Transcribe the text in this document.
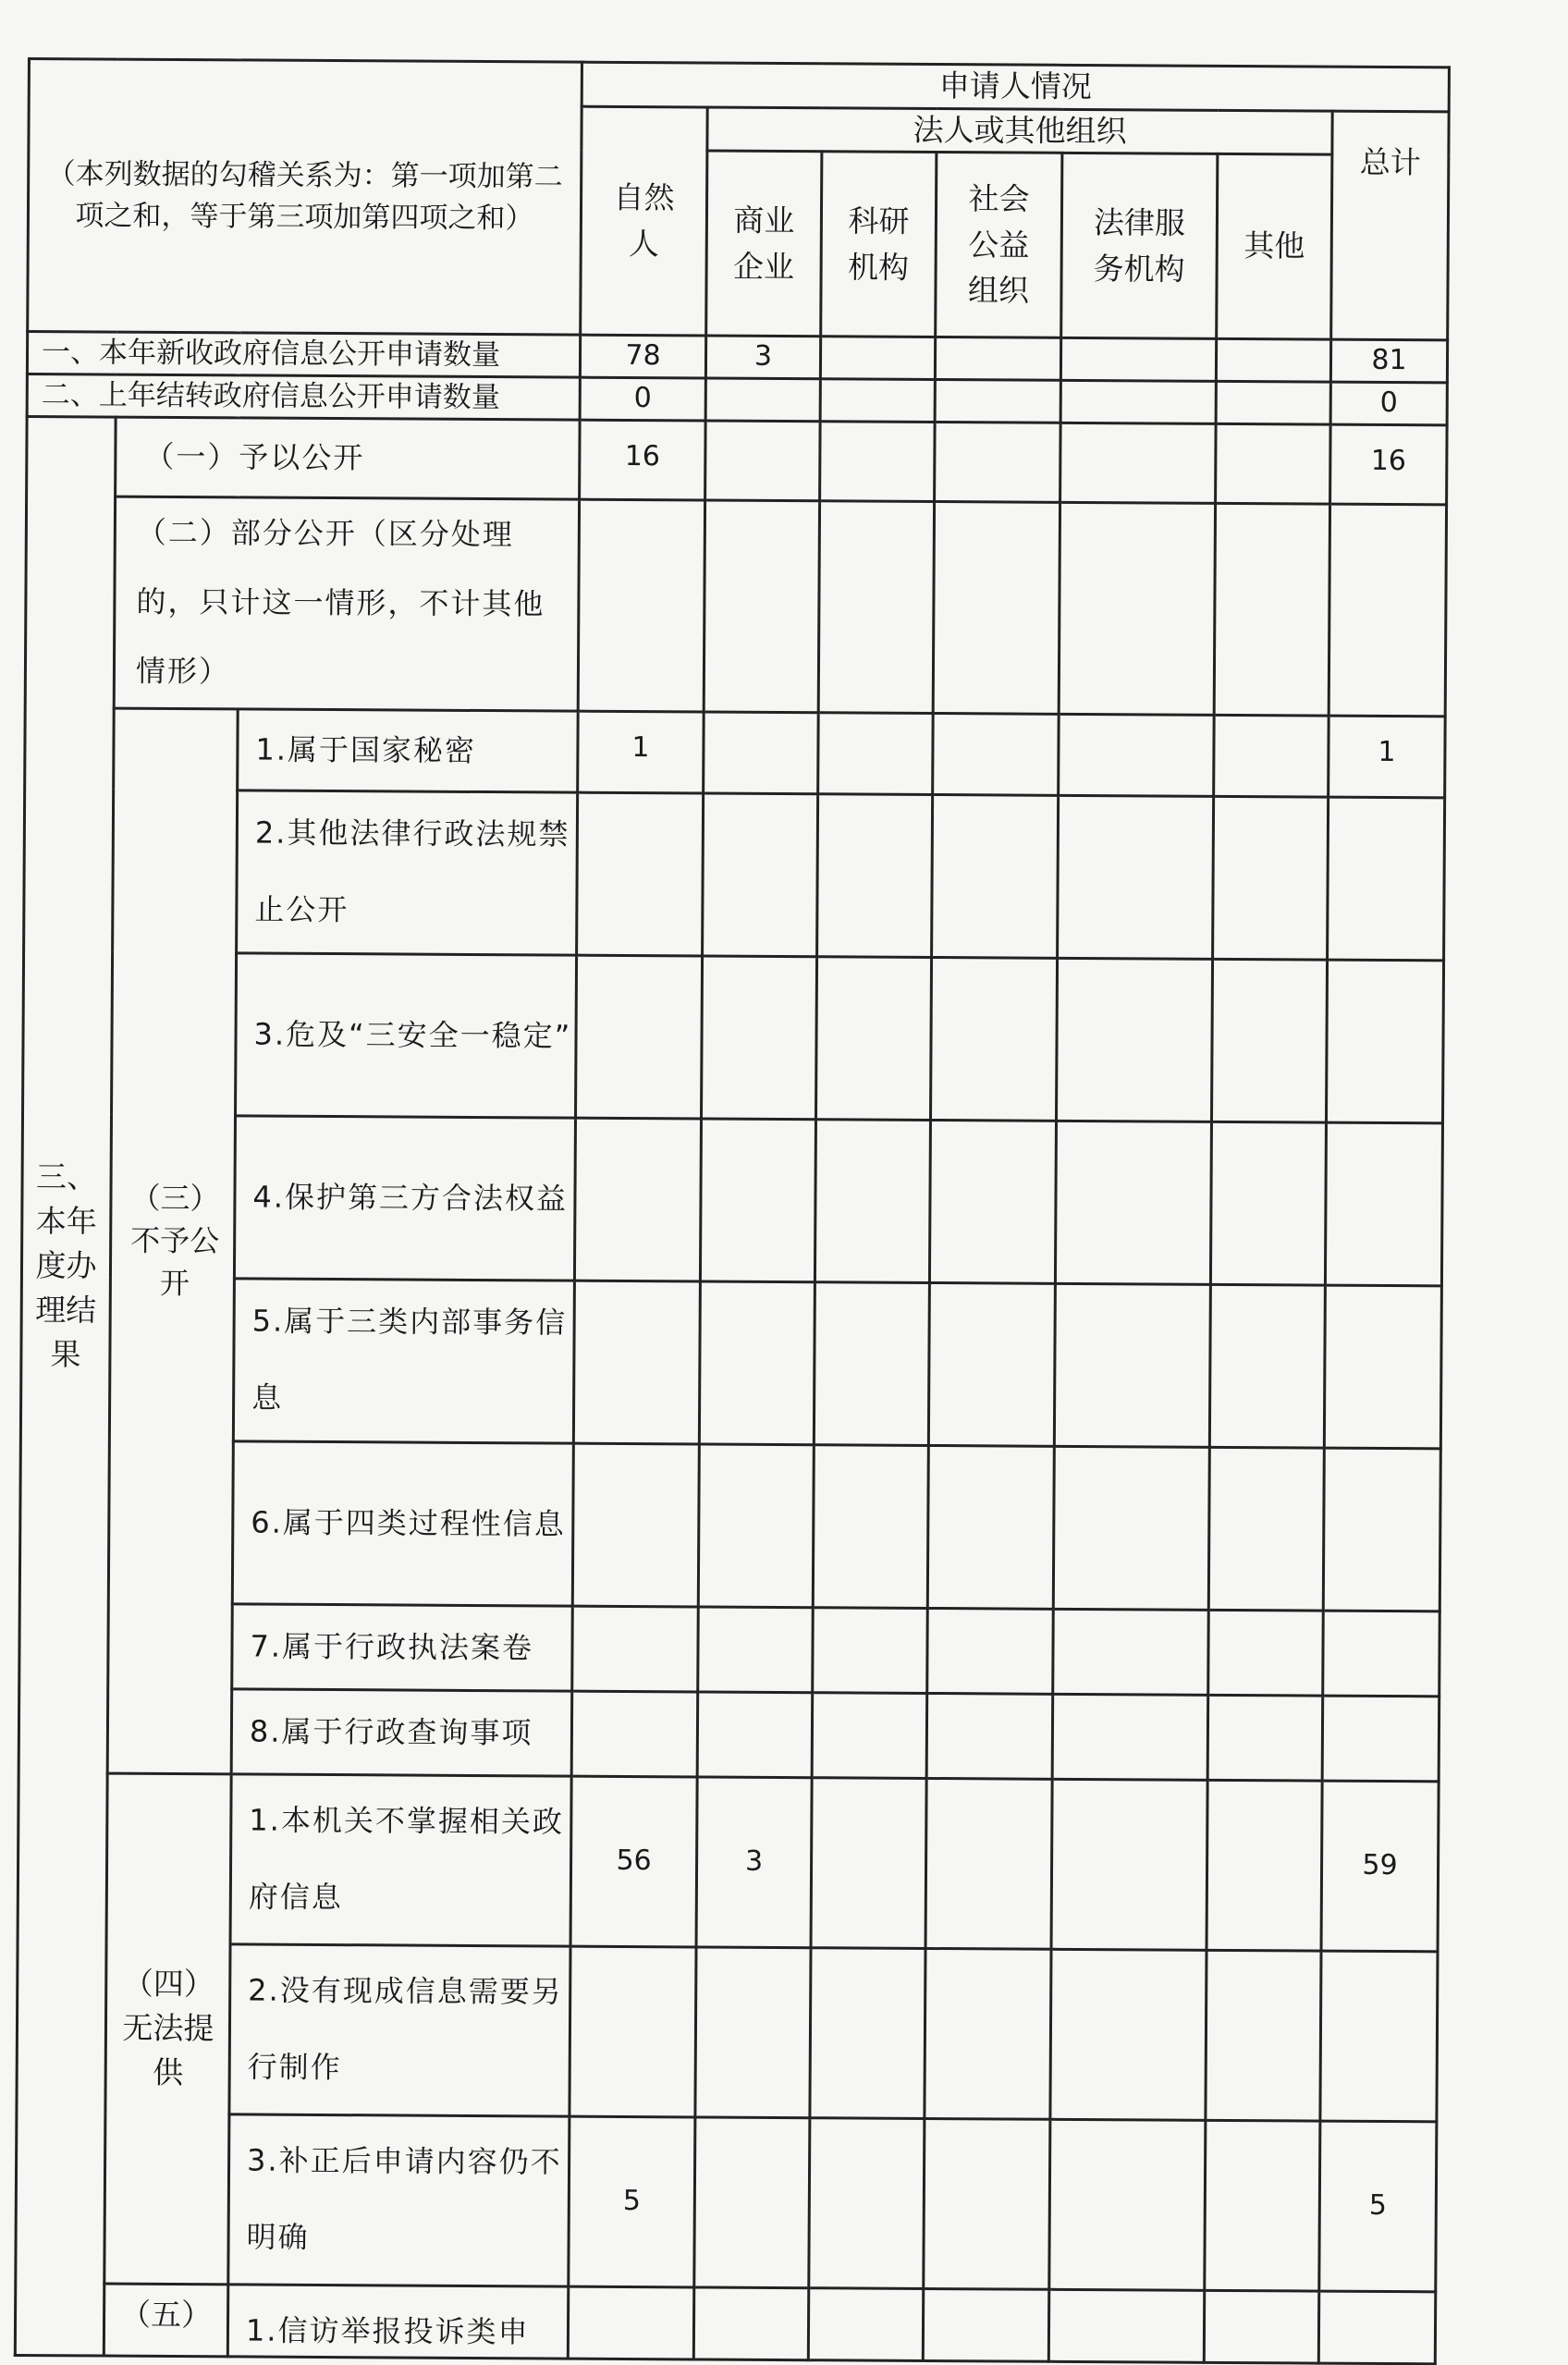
（本列数据的勾稽关系为：第一项加第二项之和，等于第三项加第四项之和）			申请人情况						
			自然人	法人或其他组织					总计
				商业企业	科研机构	社会公益组织	法律服务机构	其他	
一、本年新收政府信息公开申请数量			78	3					81
二、上年结转政府信息公开申请数量			0						0

三、本年度办理结果	（一）予以公开		16						16
	（二）部分公开（区分处理的，只计这一情形，不计其他情形）								

	（三）不予公开	1.属于国家秘密	1						1
		2.其他法律行政法规禁止公开							
		3.危及“三安全一稳定”							
		4.保护第三方合法权益							
		5.属于三类内部事务信息							
		6.属于四类过程性信息							
		7.属于行政执法案卷							
		8.属于行政查询事项							

	（四）无法提供	1.本机关不掌握相关政府信息	56	3					59
		2.没有现成信息需要另行制作							
		3.补正后申请内容仍不明确	5						5
	（五）	1.信访举报投诉类申							
